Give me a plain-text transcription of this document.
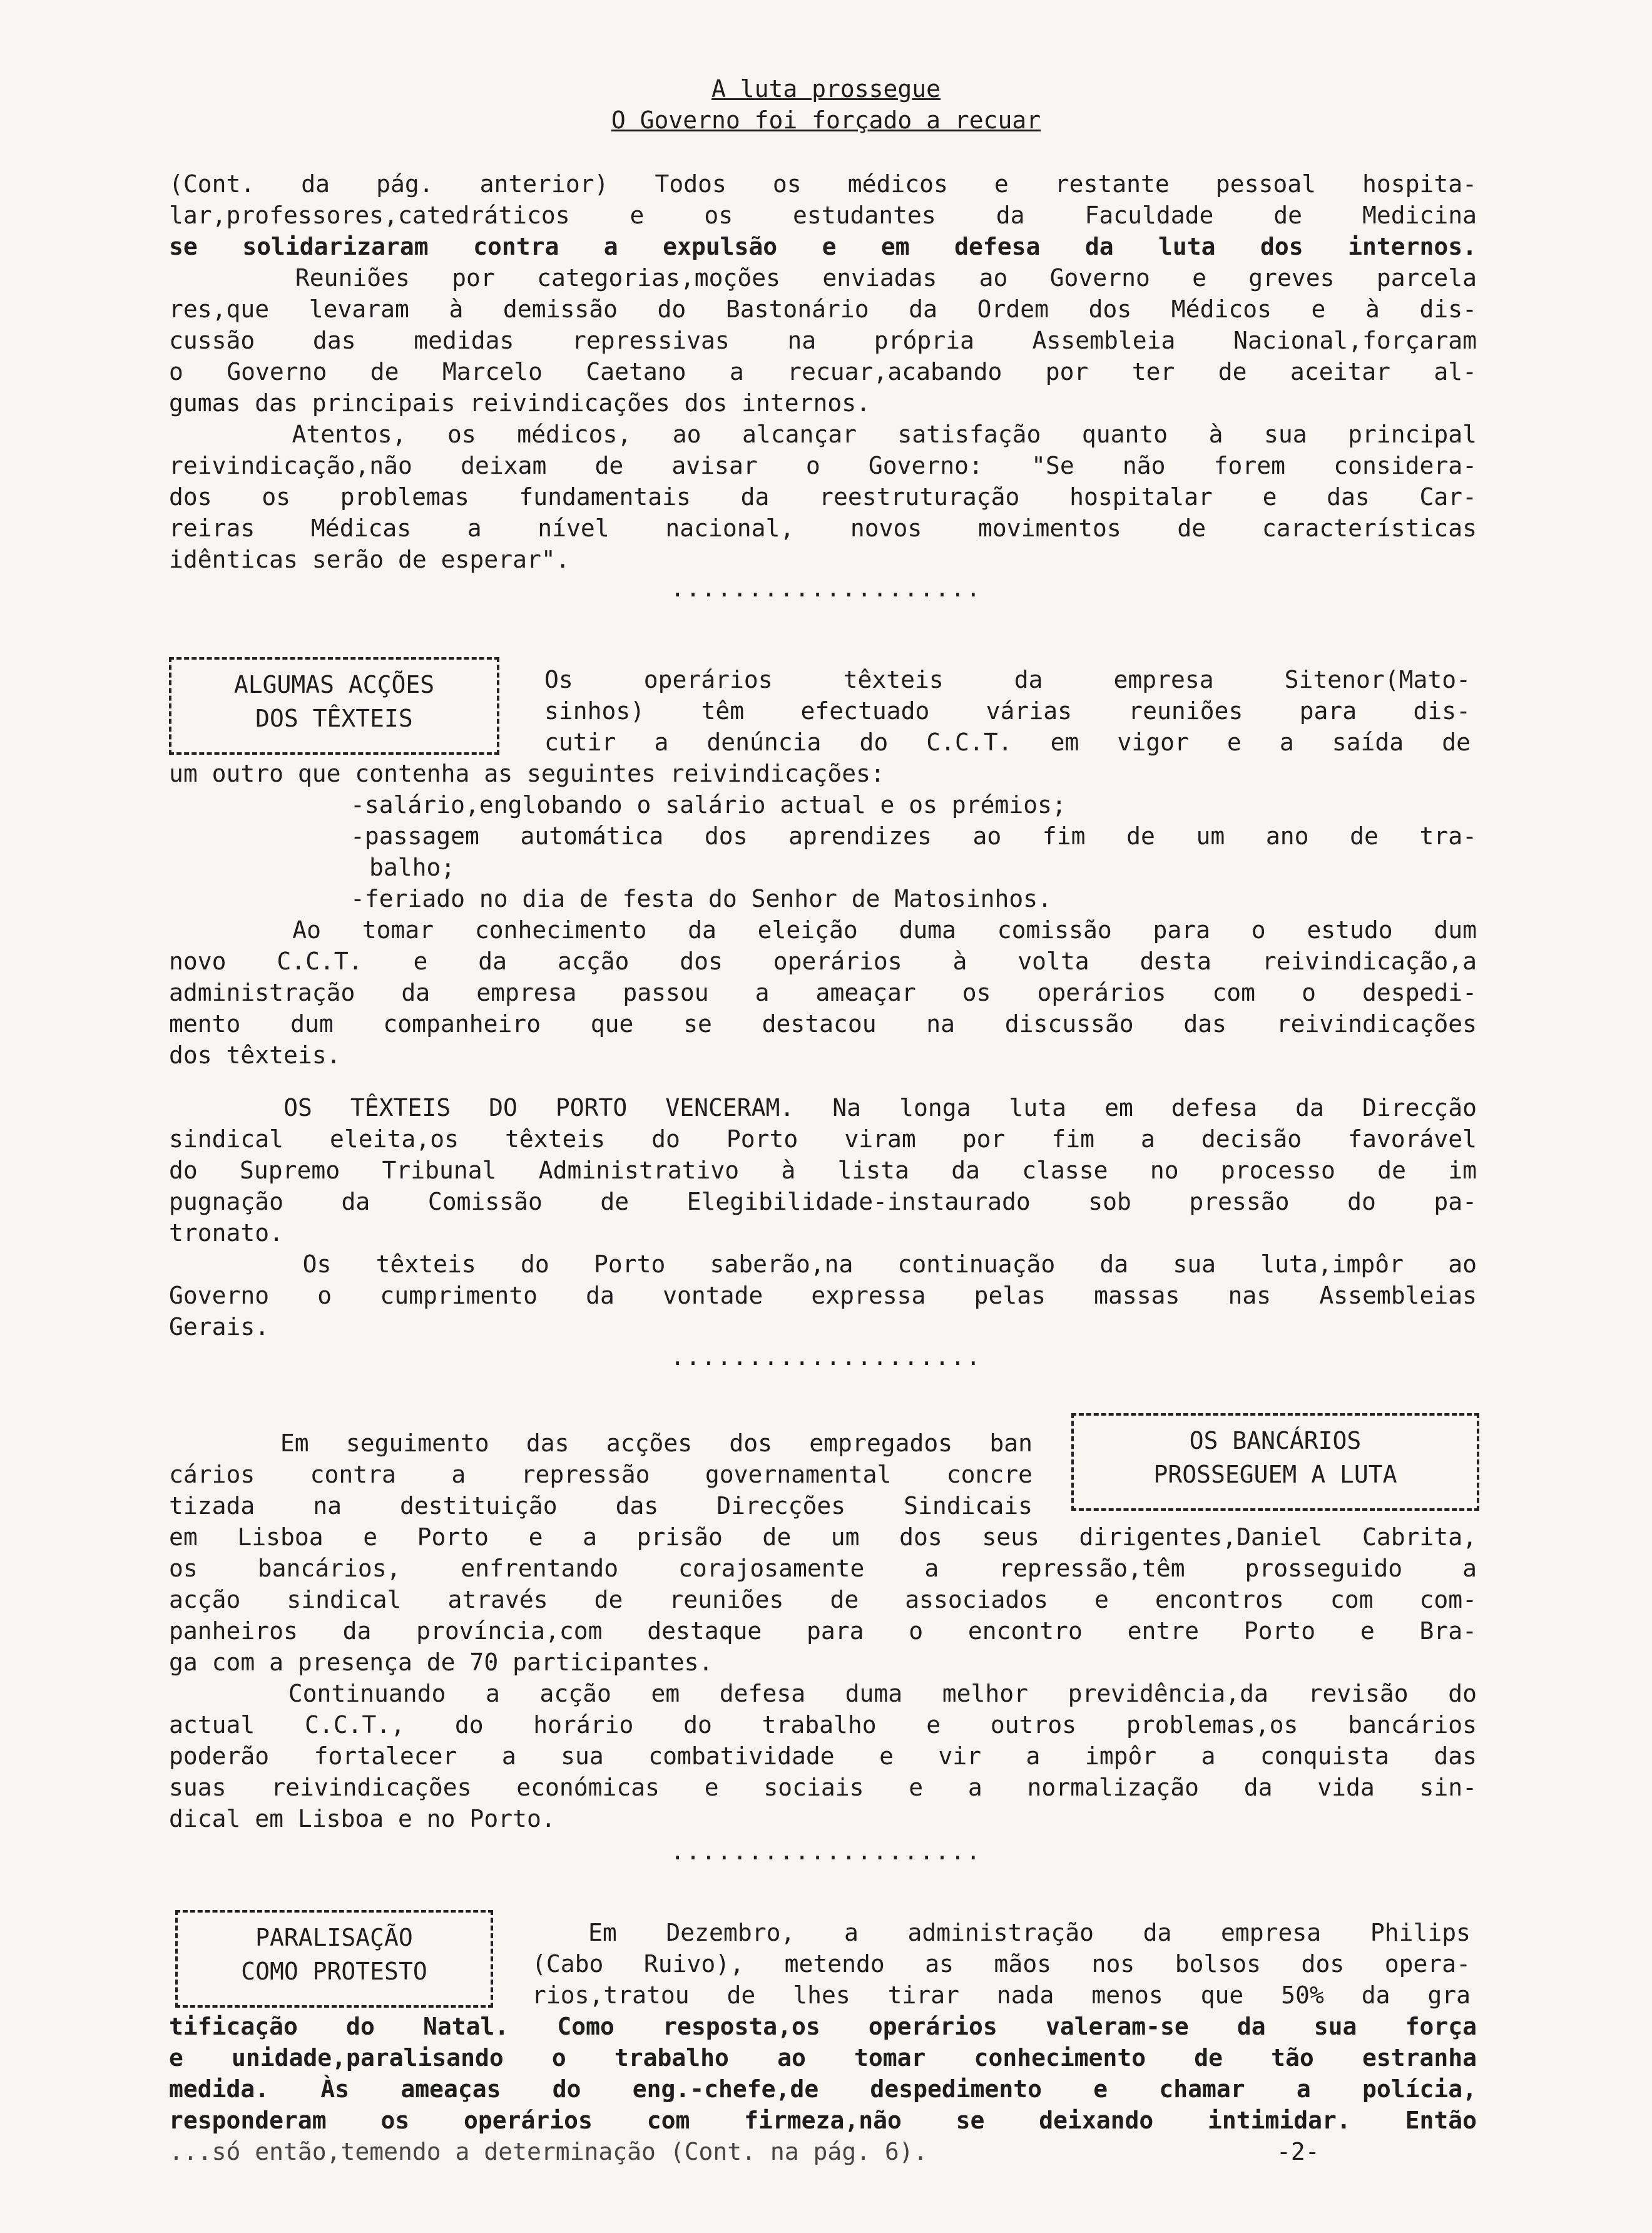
A luta prossegue
O Governo foi forçado a recuar
(Cont. da pág. anterior) Todos os médicos e restante pessoal hospita-
lar,professores,catedráticos e os estudantes da Faculdade de Medicina
se solidarizaram contra a expulsão e em defesa da luta dos internos.
Reuniões por categorias,moções enviadas ao Governo e greves parcela
res,que levaram à demissão do Bastonário da Ordem dos Médicos e à dis-
cussão das medidas repressivas na própria Assembleia Nacional,forçaram
o Governo de Marcelo Caetano a recuar,acabando por ter de aceitar al-
gumas das principais reivindicações dos internos.
Atentos, os médicos, ao alcançar satisfação quanto à sua principal
reivindicação,não deixam de avisar o Governo: "Se não forem considera-
dos os problemas fundamentais da reestruturação hospitalar e das Car-
reiras Médicas a nível nacional, novos movimentos de características
idênticas serão de esperar".
....................
ALGUMAS ACÇÕES
DOS TÊXTEIS
Os operários têxteis da empresa Sitenor(Mato-
sinhos) têm efectuado várias reuniões para dis-
cutir a denúncia do C.C.T. em vigor e a saída de
um outro que contenha as seguintes reivindicações:
-salário,englobando o salário actual e os prémios;
-passagem automática dos aprendizes ao fim de um ano de tra-
balho;
-feriado no dia de festa do Senhor de Matosinhos.
Ao tomar conhecimento da eleição duma comissão para o estudo dum
novo C.C.T. e da acção dos operários à volta desta reivindicação,a
administração da empresa passou a ameaçar os operários com o despedi-
mento dum companheiro que se destacou na discussão das reivindicações
dos têxteis.
OS TÊXTEIS DO PORTO VENCERAM. Na longa luta em defesa da Direcção
sindical eleita,os têxteis do Porto viram por fim a decisão favorável
do Supremo Tribunal Administrativo à lista da classe no processo de im
pugnação da Comissão de Elegibilidade-instaurado sob pressão do pa-
tronato.
Os têxteis do Porto saberão,na continuação da sua luta,impôr ao
Governo o cumprimento da vontade expressa pelas massas nas Assembleias
Gerais.
....................
Em seguimento das acções dos empregados ban
cários contra a repressão governamental concre
tizada na destituição das Direcções Sindicais
OS BANCÁRIOS
PROSSEGUEM A LUTA
em Lisboa e Porto e a prisão de um dos seus dirigentes,Daniel Cabrita,
os bancários, enfrentando corajosamente a repressão,têm prosseguido a
acção sindical através de reuniões de associados e encontros com com-
panheiros da província,com destaque para o encontro entre Porto e Bra-
ga com a presença de 70 participantes.
Continuando a acção em defesa duma melhor previdência,da revisão do
actual C.C.T., do horário do trabalho e outros problemas,os bancários
poderão fortalecer a sua combatividade e vir a impôr a conquista das
suas reivindicações económicas e sociais e a normalização da vida sin-
dical em Lisboa e no Porto.
....................
PARALISAÇÃO
COMO PROTESTO
Em Dezembro, a administração da empresa Philips
(Cabo Ruivo), metendo as mãos nos bolsos dos opera-
rios,tratou de lhes tirar nada menos que 50% da gra
tificação do Natal. Como resposta,os operários valeram-se da sua força
e unidade,paralisando o trabalho ao tomar conhecimento de tão estranha
medida. Às ameaças do eng.-chefe,de despedimento e chamar a polícia,
responderam os operários com firmeza,não se deixando intimidar. Então
...só então,temendo a determinação (Cont. na pág. 6).	-2-
